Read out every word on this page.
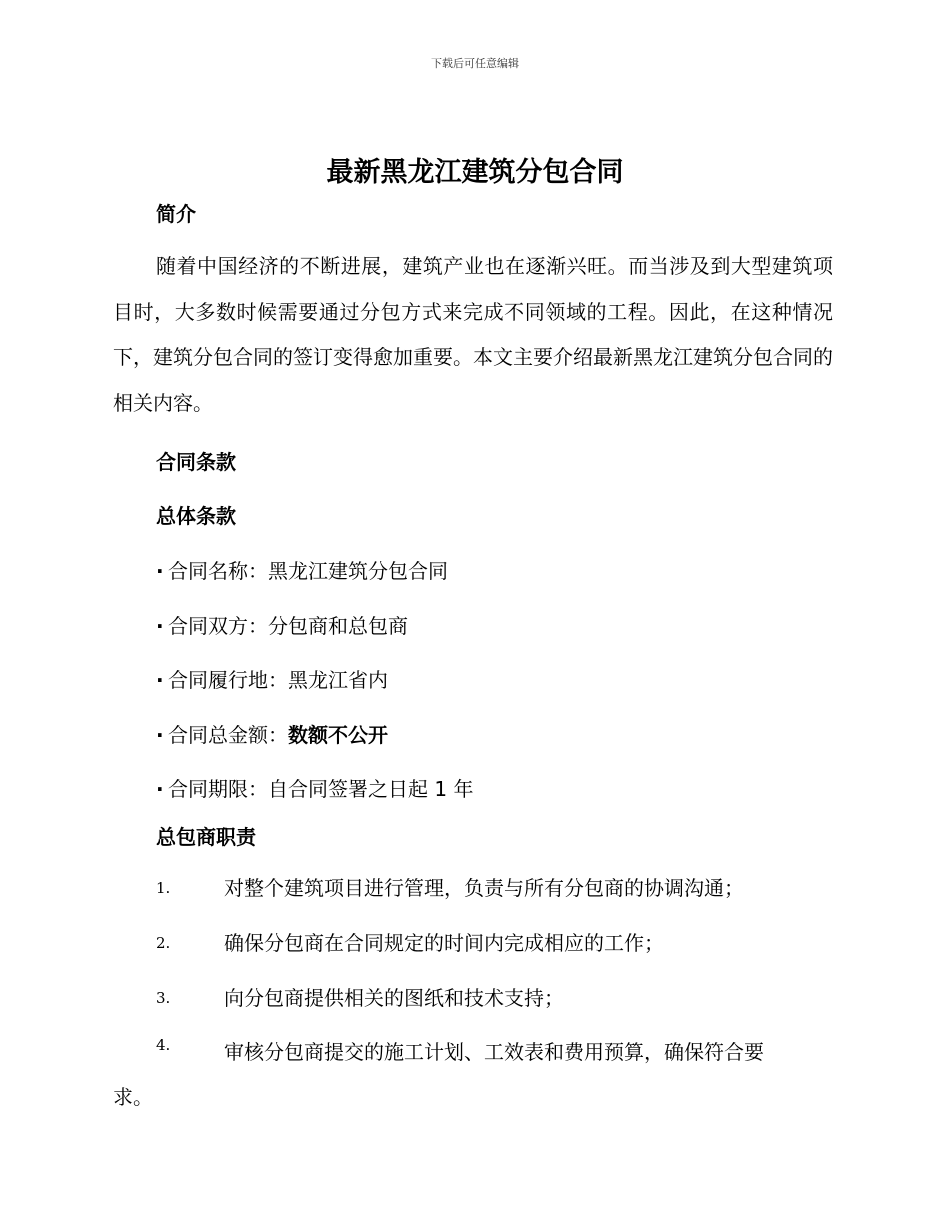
下载后可任意编辑
最新黑龙江建筑分包合同
简介
随着中国经济的不断进展，建筑产业也在逐渐兴旺。而当涉及到大型建筑项目时，大多数时候需要通过分包方式来完成不同领域的工程。因此，在这种情况下，建筑分包合同的签订变得愈加重要。本文主要介绍最新黑龙江建筑分包合同的相关内容。
合同条款
总体条款
· 合同名称：黑龙江建筑分包合同
· 合同双方：分包商和总包商
· 合同履行地：黑龙江省内
· 合同总金额：数额不公开
· 合同期限：自合同签署之日起 1 年
总包商职责
1.	对整个建筑项目进行管理，负责与所有分包商的协调沟通；
2.	确保分包商在合同规定的时间内完成相应的工作；
3.	向分包商提供相关的图纸和技术支持；
4.	审核分包商提交的施工计划、工效表和费用预算，确保符合要
求。
